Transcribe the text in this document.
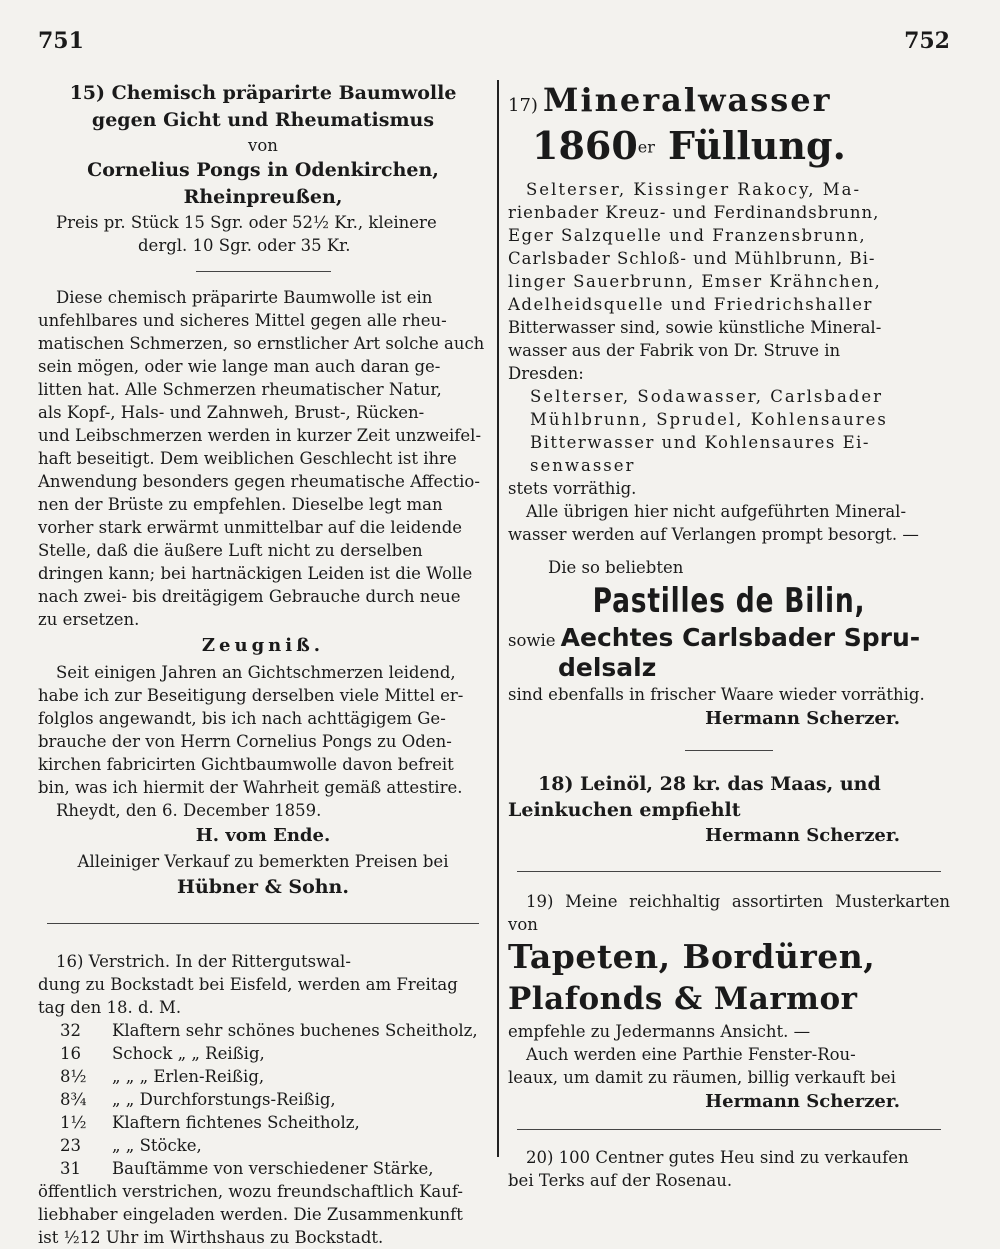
751	752
15) Chemisch präparirte Baumwolle
gegen Gicht und Rheumatismus
von
Cornelius Pongs in Odenkirchen,
Rheinpreußen,
Preis pr. Stück 15 Sgr. oder 52½ Kr., kleinere
dergl. 10 Sgr. oder 35 Kr.
Diese chemisch präparirte Baumwolle ist ein
unfehlbares und sicheres Mittel gegen alle rheu-
matischen Schmerzen, so ernstlicher Art solche auch
sein mögen, oder wie lange man auch daran ge-
litten hat. Alle Schmerzen rheumatischer Natur,
als Kopf-, Hals- und Zahnweh, Brust-, Rücken-
und Leibschmerzen werden in kurzer Zeit unzweifel-
haft beseitigt. Dem weiblichen Geschlecht ist ihre
Anwendung besonders gegen rheumatische Affectio-
nen der Brüste zu empfehlen. Dieselbe legt man
vorher stark erwärmt unmittelbar auf die leidende
Stelle, daß die äußere Luft nicht zu derselben
dringen kann; bei hartnäckigen Leiden ist die Wolle
nach zwei- bis dreitägigem Gebrauche durch neue
zu ersetzen.
Zeugniß.
Seit einigen Jahren an Gichtschmerzen leidend,
habe ich zur Beseitigung derselben viele Mittel er-
folglos angewandt, bis ich nach achttägigem Ge-
brauche der von Herrn Cornelius Pongs zu Oden-
kirchen fabricirten Gichtbaumwolle davon befreit
bin, was ich hiermit der Wahrheit gemäß attestire.
Rheydt, den 6. December 1859.
H. vom Ende.
Alleiniger Verkauf zu bemerkten Preisen bei
Hübner & Sohn.
16) Verstrich. In der Rittergutswal-
dung zu Bockstadt bei Eisfeld, werden am Freitag
tag den 18. d. M.
32 Klaftern sehr schönes buchenes Scheitholz,
16 Schock „ „ Reißig,
8½ „ „ „ Erlen-Reißig,
8¾ „ „ Durchforstungs-Reißig,
1½ Klaftern fichtenes Scheitholz,
23 „ „ Stöcke,
31 Bauſtämme von verschiedener Stärke,
öffentlich verstrichen, wozu freundschaftlich Kauf-
liebhaber eingeladen werden. Die Zusammenkunft
ist ½12 Uhr im Wirthshaus zu Bockstadt.
17) Mineralwasser
1860er Füllung.
Selterser, Kissinger Rakocy, Ma-
rienbader Kreuz- und Ferdinandsbrunn,
Eger Salzquelle und Franzensbrunn,
Carlsbader Schloß- und Mühlbrunn, Bi-
linger Sauerbrunn, Emser Krähnchen,
Adelheidsquelle und Friedrichshaller
Bitterwasser sind, sowie künstliche Mineral-
wasser aus der Fabrik von Dr. Struve in
Dresden:
Selterser, Sodawasser, Carlsbader
Mühlbrunn, Sprudel, Kohlensaures
Bitterwasser und Kohlensaures Ei-
senwasser
stets vorräthig.
Alle übrigen hier nicht aufgeführten Mineral-
wasser werden auf Verlangen prompt besorgt. —
Die so beliebten
Pastilles de Bilin,
sowie Aechtes Carlsbader Spru-
delsalz
sind ebenfalls in frischer Waare wieder vorräthig.
Hermann Scherzer.
18) Leinöl, 28 kr. das Maas, und
Leinkuchen empfiehlt
Hermann Scherzer.
19) Meine reichhaltig assortirten Musterkarten von
Tapeten, Bordüren,
Plafonds & Marmor
empfehle zu Jedermanns Ansicht. —
Auch werden eine Parthie Fenster-Rou-
leaux, um damit zu räumen, billig verkauft bei
Hermann Scherzer.
20) 100 Centner gutes Heu sind zu verkaufen
bei Terks auf der Rosenau.
